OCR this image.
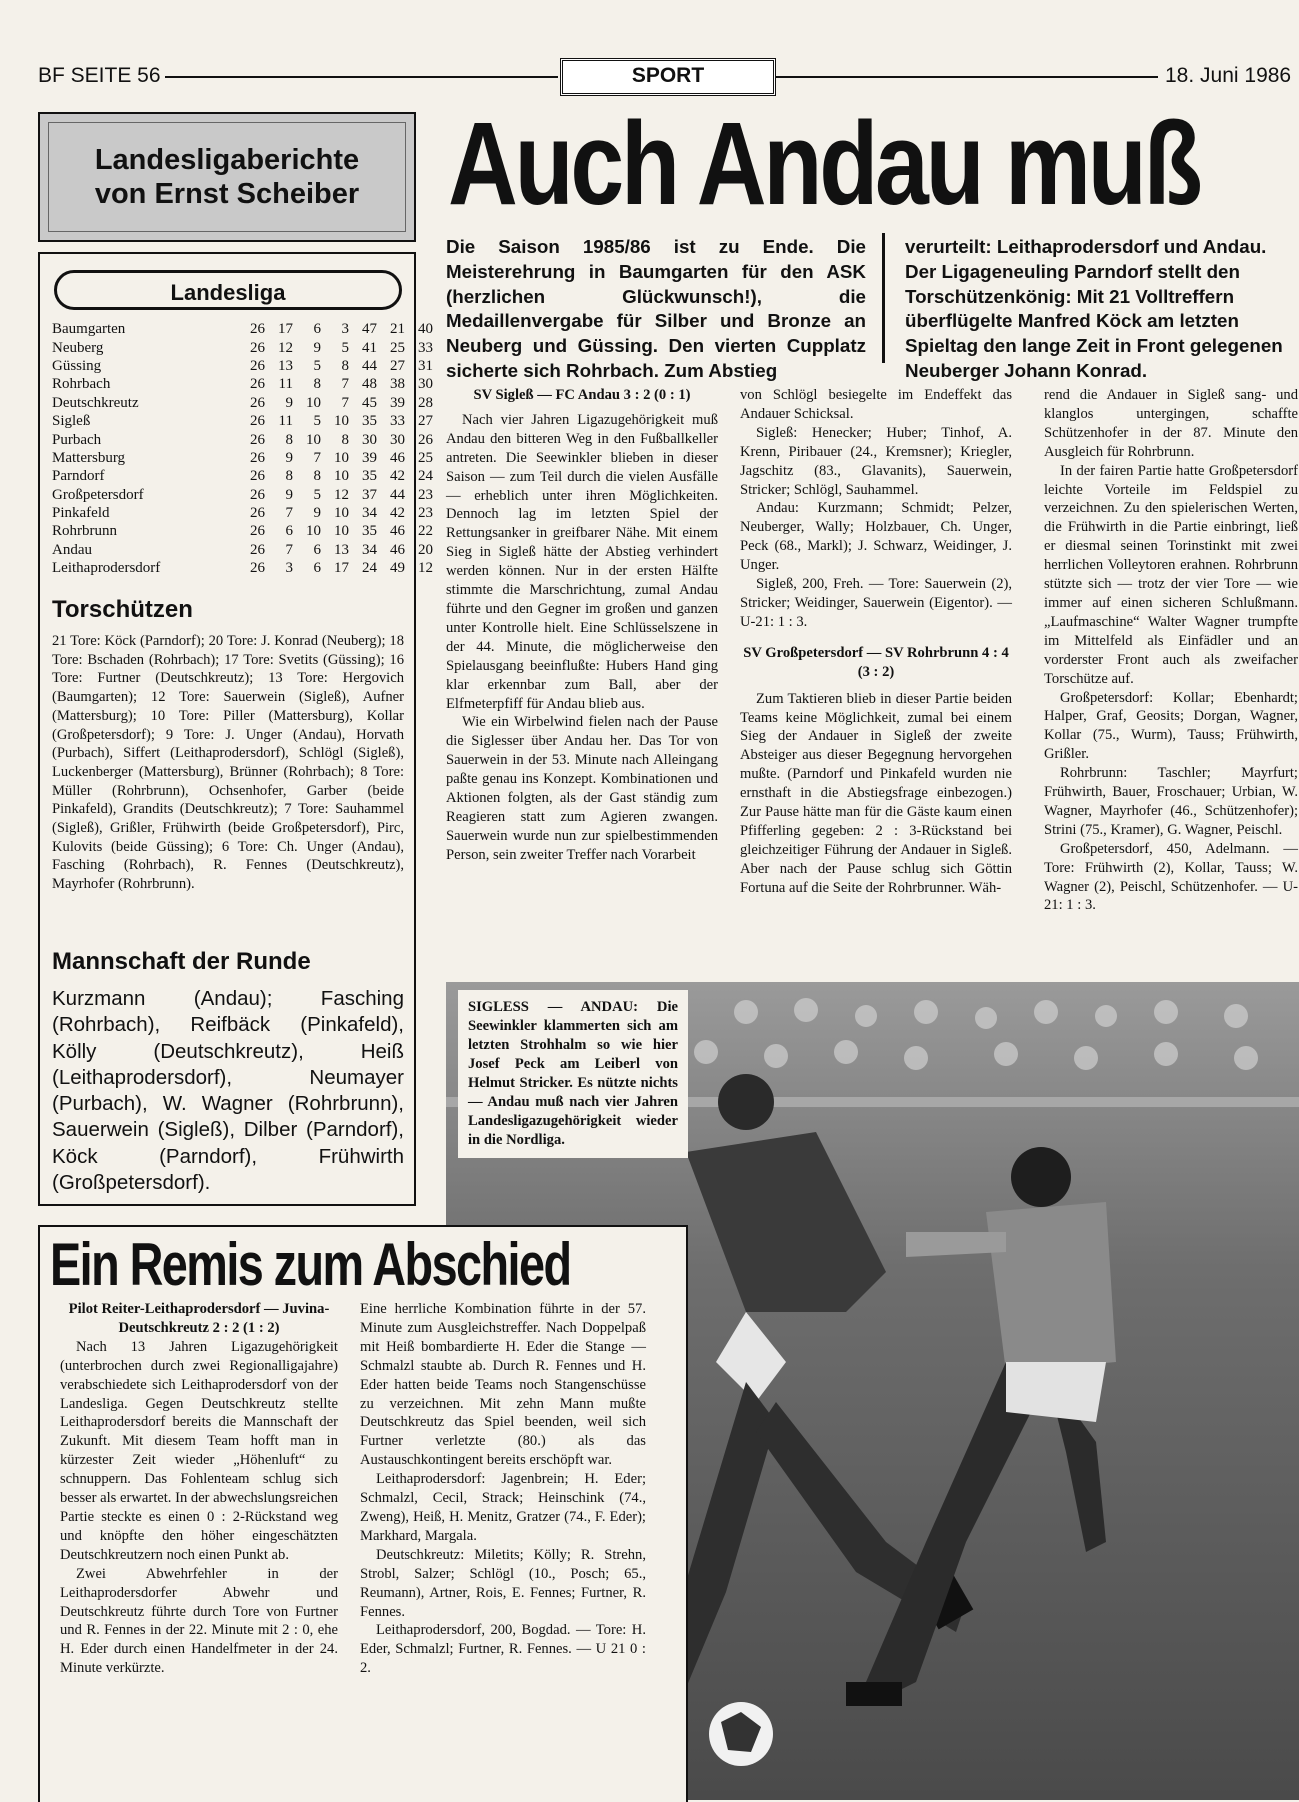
BF SEITE 56	SPORT	18. Juni 1986
Landesligaberichte
von Ernst Scheiber
Landesliga
Baumgarten	26	17	6	3	47	21	40
Neuberg	26	12	9	5	41	25	33
Güssing	26	13	5	8	44	27	31
Rohrbach	26	11	8	7	48	38	30
Deutschkreutz	26	9	10	7	45	39	28
Sigleß	26	11	5	10	35	33	27
Purbach	26	8	10	8	30	30	26
Mattersburg	26	9	7	10	39	46	25
Parndorf	26	8	8	10	35	42	24
Großpetersdorf	26	9	5	12	37	44	23
Pinkafeld	26	7	9	10	34	42	23
Rohrbrunn	26	6	10	10	35	46	22
Andau	26	7	6	13	34	46	20
Leithaprodersdorf	26	3	6	17	24	49	12
Torschützen
21 Tore: Köck (Parndorf); 20 Tore: J. Konrad (Neuberg); 18 Tore: Bschaden (Rohrbach); 17 Tore: Svetits (Güssing); 16 Tore: Furtner (Deutschkreutz); 13 Tore: Hergovich (Baumgarten); 12 Tore: Sauerwein (Sigleß), Aufner (Mattersburg); 10 Tore: Piller (Mattersburg), Kollar (Großpetersdorf); 9 Tore: J. Unger (Andau), Horvath (Purbach), Siffert (Leithaprodersdorf), Schlögl (Sigleß), Luckenberger (Mattersburg), Brünner (Rohrbach); 8 Tore: Müller (Rohrbrunn), Ochsenhofer, Garber (beide Pinkafeld), Grandits (Deutschkreutz); 7 Tore: Sauhammel (Sigleß), Grißler, Frühwirth (beide Großpetersdorf), Pirc, Kulovits (beide Güssing); 6 Tore: Ch. Unger (Andau), Fasching (Rohrbach), R. Fennes (Deutschkreutz), Mayrhofer (Rohrbrunn).
Mannschaft der Runde
Kurzmann (Andau); Fasching (Rohrbach), Reifbäck (Pinkafeld), Kölly (Deutschkreutz), Heiß (Leithaprodersdorf), Neumayer (Purbach), W. Wagner (Rohrbrunn), Sauerwein (Sigleß), Dilber (Parndorf), Köck (Parndorf), Frühwirth (Großpetersdorf).
Auch Andau muß
Die Saison 1985/86 ist zu Ende. Die Meisterehrung in Baumgarten für den ASK (herzlichen Glückwunsch!), die Medaillenvergabe für Silber und Bronze an Neuberg und Güssing. Den vierten Cupplatz sicherte sich Rohrbach. Zum Abstieg
verurteilt: Leithaprodersdorf und Andau. Der Ligageneuling Parndorf stellt den Torschützenkönig: Mit 21 Volltreffern überflügelte Manfred Köck am letzten Spieltag den lange Zeit in Front gelegenen Neuberger Johann Konrad.

SV Sigleß — FC Andau 3 : 2 (0 : 1)

Nach vier Jahren Ligazugehörigkeit muß Andau den bitteren Weg in den Fußballkeller antreten. Die Seewinkler blieben in dieser Saison — zum Teil durch die vielen Ausfälle — erheblich unter ihren Möglichkeiten. Dennoch lag im letzten Spiel der Rettungsanker in greifbarer Nähe. Mit einem Sieg in Sigleß hätte der Abstieg verhindert werden können. Nur in der ersten Hälfte stimmte die Marschrichtung, zumal Andau führte und den Gegner im großen und ganzen unter Kontrolle hielt. Eine Schlüsselszene in der 44. Minute, die möglicherweise den Spielausgang beeinflußte: Hubers Hand ging klar erkennbar zum Ball, aber der Elfmeterpfiff für Andau blieb aus.

Wie ein Wirbelwind fielen nach der Pause die Siglesser über Andau her. Das Tor von Sauerwein in der 53. Minute nach Alleingang paßte genau ins Konzept. Kombinationen und Aktionen folgten, als der Gast ständig zum Reagieren statt zum Agieren zwangen. Sauerwein wurde nun zur spielbestimmenden Person, sein zweiter Treffer nach Vorarbeit

von Schlögl besiegelte im Endeffekt das Andauer Schicksal.

Sigleß: Henecker; Huber; Tinhof, A. Krenn, Piribauer (24., Kremsner); Kriegler, Jagschitz (83., Glavanits), Sauerwein, Stricker; Schlögl, Sauhammel.

Andau: Kurzmann; Schmidt; Pelzer, Neuberger, Wally; Holzbauer, Ch. Unger, Peck (68., Markl); J. Schwarz, Weidinger, J. Unger.

Sigleß, 200, Freh. — Tore: Sauerwein (2), Stricker; Weidinger, Sauerwein (Eigentor). — U-21: 1 : 3.

SV Großpetersdorf — SV Rohrbrunn 4 : 4 (3 : 2)

Zum Taktieren blieb in dieser Partie beiden Teams keine Möglichkeit, zumal bei einem Sieg der Andauer in Sigleß der zweite Absteiger aus dieser Begegnung hervorgehen mußte. (Parndorf und Pinkafeld wurden nie ernsthaft in die Abstiegsfrage einbezogen.) Zur Pause hätte man für die Gäste kaum einen Pfifferling gegeben: 2 : 3-Rückstand bei gleichzeitiger Führung der Andauer in Sigleß. Aber nach der Pause schlug sich Göttin Fortuna auf die Seite der Rohrbrunner. Wäh-

rend die Andauer in Sigleß sang- und klanglos untergingen, schaffte Schützenhofer in der 87. Minute den Ausgleich für Rohrbrunn.

In der fairen Partie hatte Großpetersdorf leichte Vorteile im Feldspiel zu verzeichnen. Zu den spielerischen Werten, die Frühwirth in die Partie einbringt, ließ er diesmal seinen Torinstinkt mit zwei herrlichen Volleytoren erahnen. Rohrbrunn stützte sich — trotz der vier Tore — wie immer auf einen sicheren Schlußmann. „Laufmaschine“ Walter Wagner trumpfte im Mittelfeld als Einfädler und an vorderster Front auch als zweifacher Torschütze auf.

Großpetersdorf: Kollar; Ebenhardt; Halper, Graf, Geosits; Dorgan, Wagner, Kollar (75., Wurm), Tauss; Frühwirth, Grißler.

Rohrbrunn: Taschler; Mayrfurt; Frühwirth, Bauer, Froschauer; Urbian, W. Wagner, Mayrhofer (46., Schützenhofer); Strini (75., Kramer), G. Wagner, Peischl.

Großpetersdorf, 450, Adelmann. — Tore: Frühwirth (2), Kollar, Tauss; W. Wagner (2), Peischl, Schützenhofer. — U-21: 1 : 3.

SIGLESS — ANDAU: Die Seewinkler klammerten sich am letzten Strohhalm so wie hier Josef Peck am Leiberl von Helmut Stricker. Es nützte nichts — Andau muß nach vier Jahren Landesligazugehörigkeit wieder in die Nordliga.
Ein Remis zum Abschied

Pilot Reiter-Leithaprodersdorf — Juvina-Deutschkreutz 2 : 2 (1 : 2)

Nach 13 Jahren Ligazugehörigkeit (unterbrochen durch zwei Regionalligajahre) verabschiedete sich Leithaprodersdorf von der Landesliga. Gegen Deutschkreutz stellte Leithaprodersdorf bereits die Mannschaft der Zukunft. Mit diesem Team hofft man in kürzester Zeit wieder „Höhenluft“ zu schnuppern. Das Fohlenteam schlug sich besser als erwartet. In der abwechslungsreichen Partie steckte es einen 0 : 2-Rückstand weg und knöpfte den höher eingeschätzten Deutschkreutzern noch einen Punkt ab.

Zwei Abwehrfehler in der Leithaprodersdorfer Abwehr und Deutschkreutz führte durch Tore von Furtner und R. Fennes in der 22. Minute mit 2 : 0, ehe H. Eder durch einen Handelfmeter in der 24. Minute verkürzte.

Eine herrliche Kombination führte in der 57. Minute zum Ausgleichstreffer. Nach Doppelpaß mit Heiß bombardierte H. Eder die Stange — Schmalzl staubte ab. Durch R. Fennes und H. Eder hatten beide Teams noch Stangenschüsse zu verzeichnen. Mit zehn Mann mußte Deutschkreutz das Spiel beenden, weil sich Furtner verletzte (80.) als das Austauschkontingent bereits erschöpft war.

Leithaprodersdorf: Jagenbrein; H. Eder; Schmalzl, Cecil, Strack; Heinschink (74., Zweng), Heiß, H. Menitz, Gratzer (74., F. Eder); Markhard, Margala.

Deutschkreutz: Miletits; Kölly; R. Strehn, Strobl, Salzer; Schlögl (10., Posch; 65., Reumann), Artner, Rois, E. Fennes; Furtner, R. Fennes.

Leithaprodersdorf, 200, Bogdad. — Tore: H. Eder, Schmalzl; Furtner, R. Fennes. — U 21 0 : 2.
